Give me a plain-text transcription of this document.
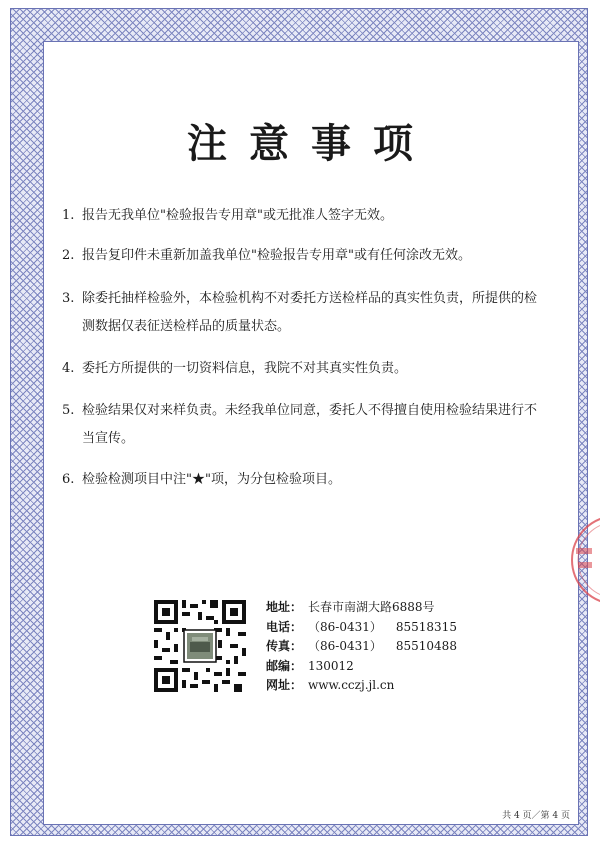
注意事项
1. 报告无我单位"检验报告专用章"或无批准人签字无效。
2. 报告复印件未重新加盖我单位"检验报告专用章"或有任何涂改无效。
3. 除委托抽样检验外，本检验机构不对委托方送检样品的真实性负责，所提供的检测数据仅表征送检样品的质量状态。
4. 委托方所提供的一切资料信息，我院不对其真实性负责。
5. 检验结果仅对来样负责。未经我单位同意，委托人不得擅自使用检验结果进行不当宣传。
6. 检验检测项目中注"★"项，为分包检验项目。
地址： 长春市南湖大路6888号
电话： （86-0431） 85518315
传真： （86-0431） 85510488
邮编： 130012
网址： www.cczj.jl.cn
共 4 页／第 4 页
